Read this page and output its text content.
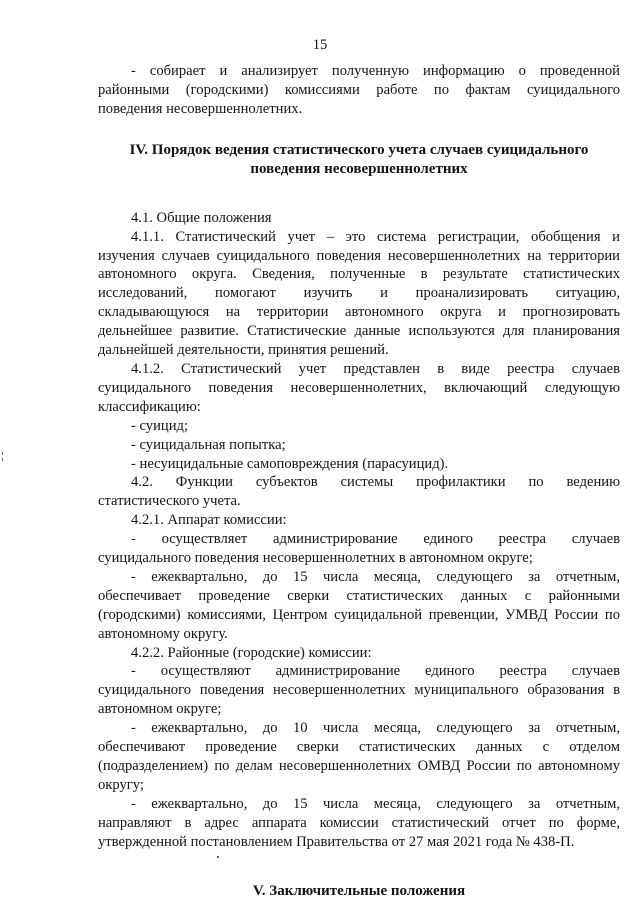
15

- собирает и анализирует полученную информацию о проведенной

районными (городскими) комиссиями работе по фактам суицидального

поведения несовершеннолетних.

IV. Порядок ведения статистического учета случаев суицидального

поведения несовершеннолетних

4.1. Общие положения

4.1.1. Статистический учет – это система регистрации, обобщения и

изучения случаев суицидального поведения несовершеннолетних на территории

автономного округа. Сведения, полученные в результате статистических

исследований, помогают изучить и проанализировать ситуацию,

складывающуюся на территории автономного округа и прогнозировать

дельнейшее развитие. Статистические данные используются для планирования

дальнейшей деятельности, принятия решений.

4.1.2. Статистический учет представлен в виде реестра случаев

суицидального поведения несовершеннолетних, включающий следующую

классификацию:

- суицид;

- суицидальная попытка;

- несуицидальные самоповреждения (парасуицид).

4.2. Функции субъектов системы профилактики по ведению

статистического учета.

4.2.1. Аппарат комиссии:

- осуществляет администрирование единого реестра случаев

суицидального поведения несовершеннолетних в автономном округе;

- ежеквартально, до 15 числа месяца, следующего за отчетным,

обеспечивает проведение сверки статистических данных с районными

(городскими) комиссиями, Центром суицидальной превенции, УМВД России по

автономному округу.

4.2.2. Районные (городские) комиссии:

- осуществляют администрирование единого реестра случаев

суицидального поведения несовершеннолетних муниципального образования в

автономном округе;

- ежеквартально, до 10 числа месяца, следующего за отчетным,

обеспечивают проведение сверки статистических данных с отделом

(подразделением) по делам несовершеннолетних ОМВД России по автономному

округу;

- ежеквартально, до 15 числа месяца, следующего за отчетным,

направляют в адрес аппарата комиссии статистический отчет по форме,

утвержденной постановлением Правительства от 27 мая 2021 года № 438-П.

V. Заключительные положения
